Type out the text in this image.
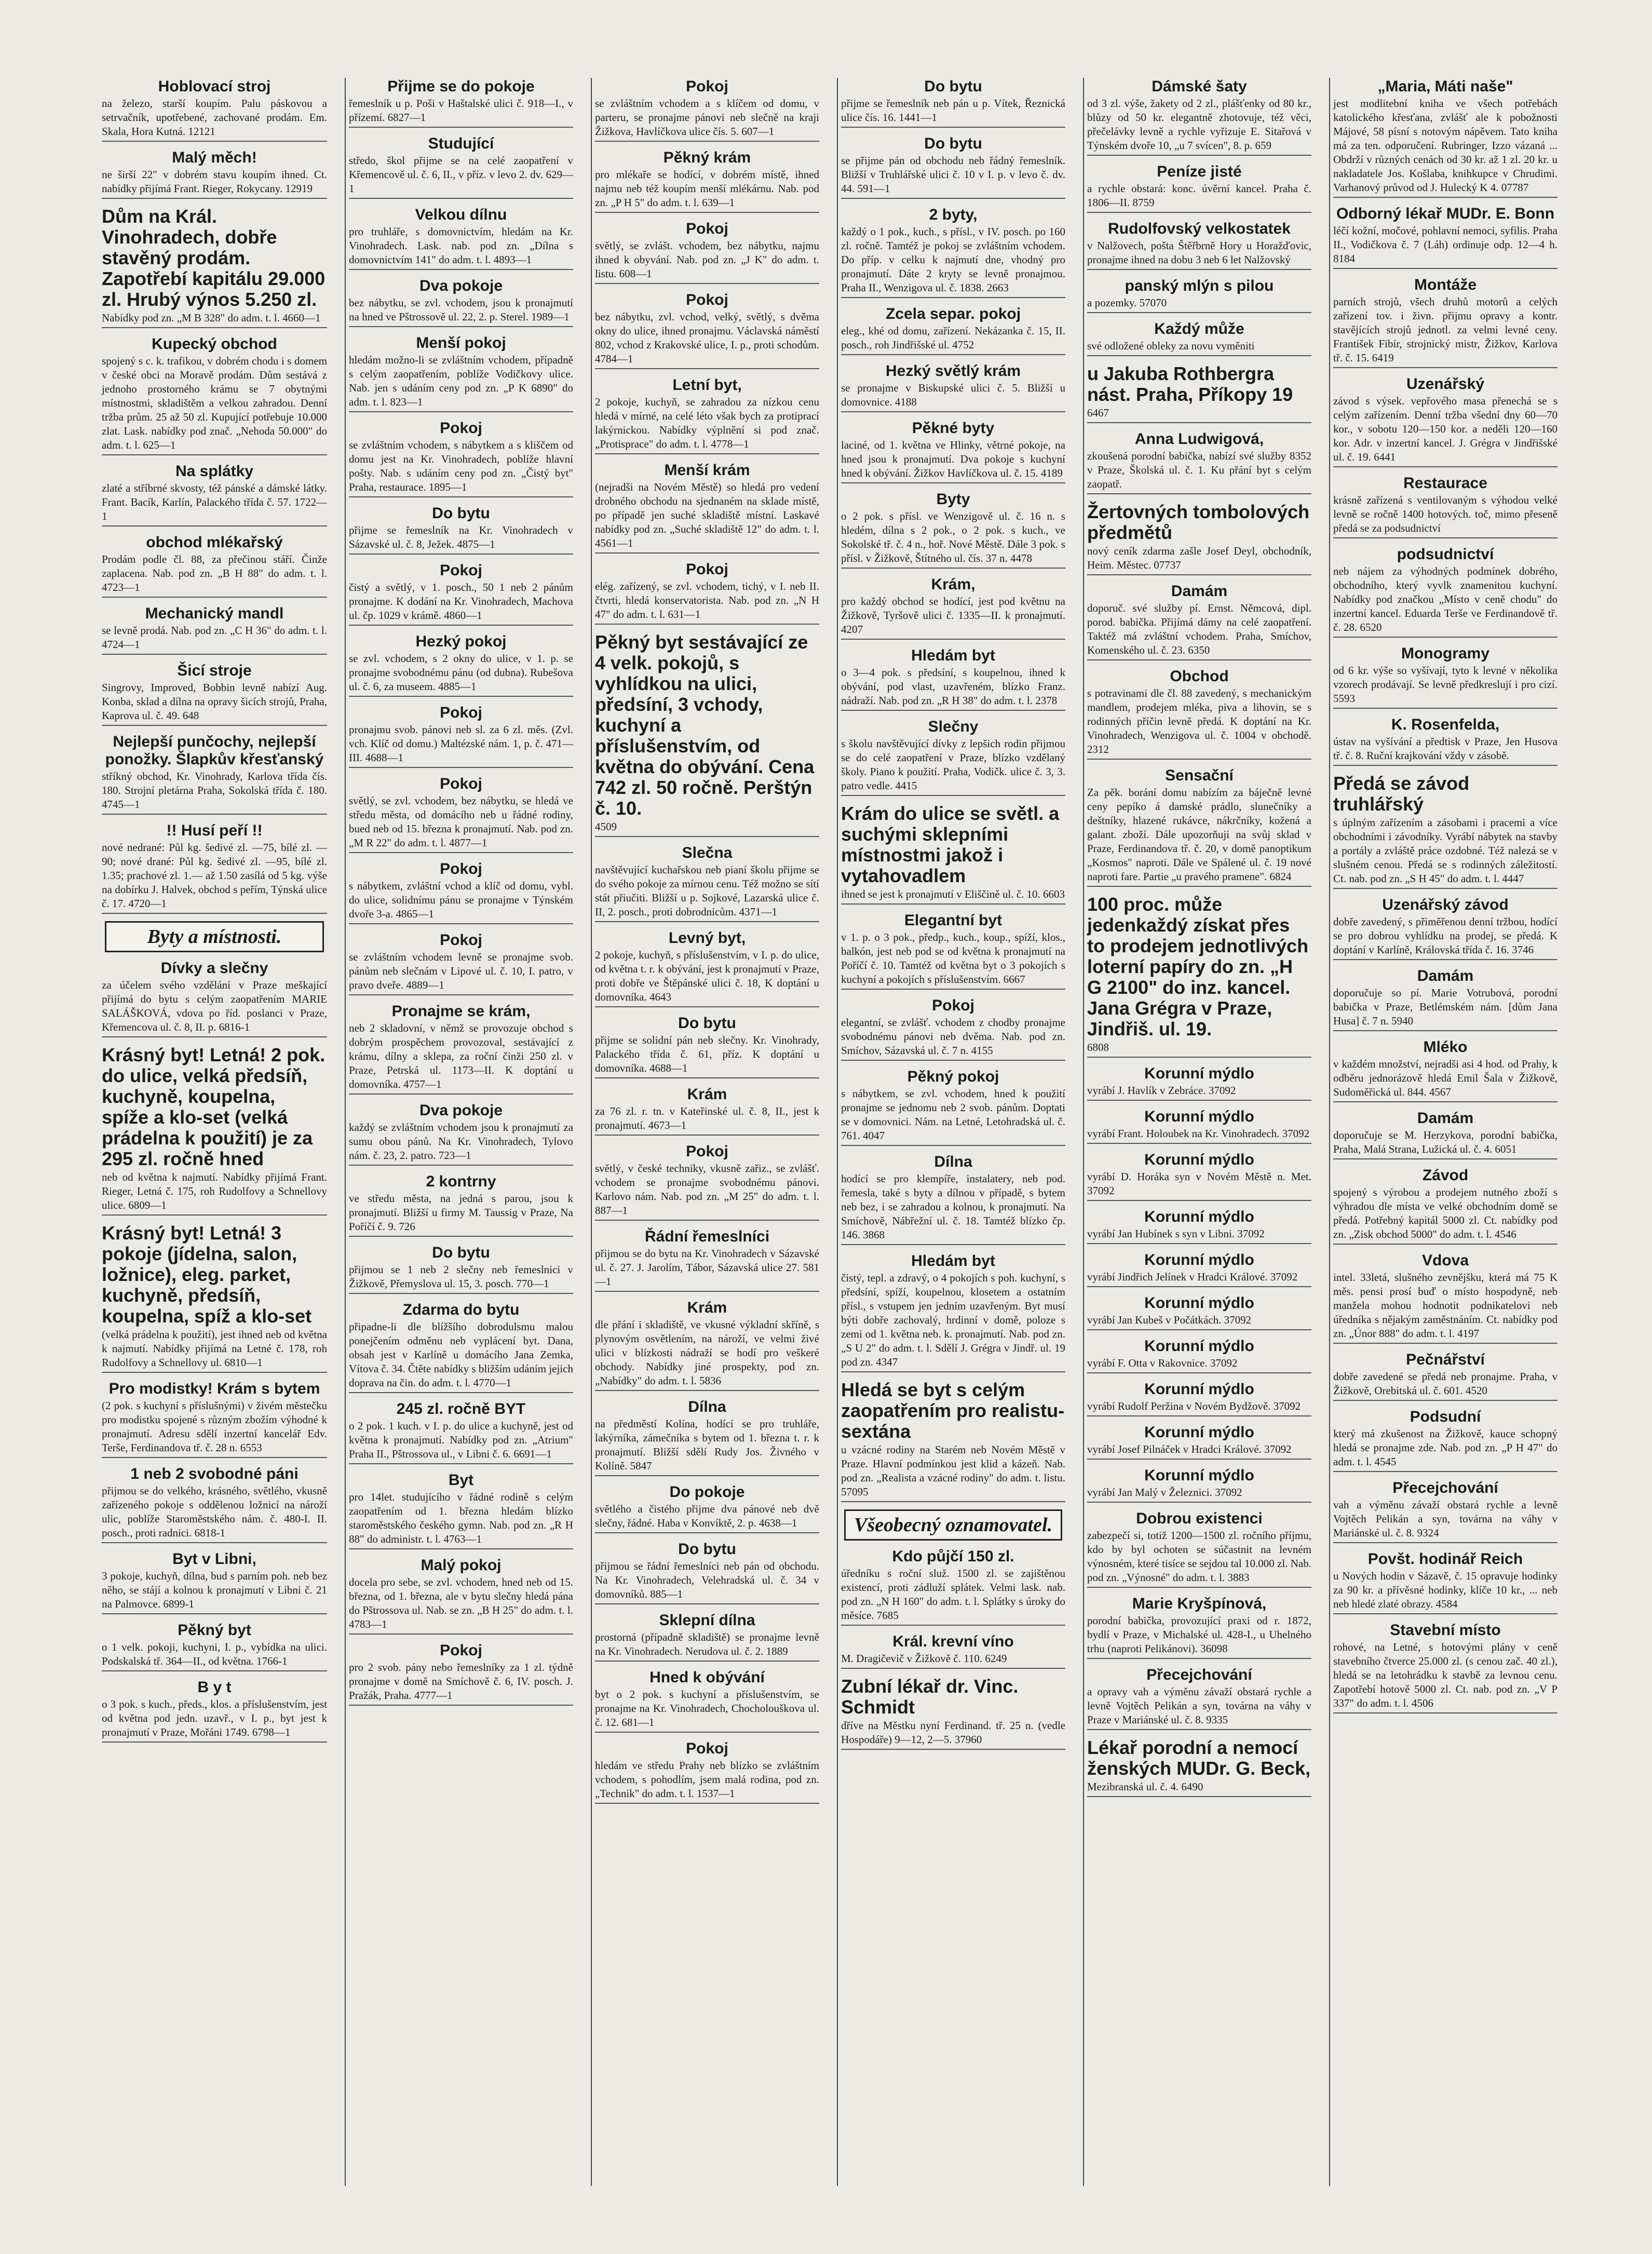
Hoblovací stroj

na železo, starší koupím. Palu páskovou a setrvačník, upotřebené, zachované prodám. Em. Skala, Hora Kutná. 12121

Malý měch!

ne širší 22" v dobrém stavu koupím ihned. Ct. nabídky přijímá Frant. Rieger, Rokycany. 12919

Dům na Král. Vinohradech, dobře stavěný prodám. Zapotřebí kapitálu 29.000 zl. Hrubý výnos 5.250 zl.

Nabídky pod zn. „M B 328" do adm. t. l. 4660—1

Kupecký obchod

spojený s c. k. trafikou, v dobrém chodu i s domem v české obci na Moravě prodám. Dům sestává z jednoho prostorného krámu se 7 obytnými místnostmi, skladištěm a velkou zahradou. Denní tržba prům. 25 až 50 zl. Kupující potřebuje 10.000 zlat. Lask. nabídky pod znač. „Nehoda 50.000" do adm. t. l. 625—1

Na splátky

zlaté a stříbrné skvosty, též pánské a dámské látky. Frant. Bacík, Karlín, Palackého třída č. 57. 1722—1

obchod mlékařský

Prodám podle čl. 88, za přečinou stáří. Činže zaplacena. Nab. pod zn. „B H 88" do adm. t. l. 4723—1

Mechanický mandl

se levně prodá. Nab. pod zn. „C H 36" do adm. t. l. 4724—1

Šicí stroje

Singrovy, Improved, Bobbin levně nabízí Aug. Konba, sklad a dílna na opravy šicích strojů, Praha, Kaprova ul. č. 49. 648

Nejlepší punčochy, nejlepší ponožky. Šlapkův křesťanský

stříkný obchod, Kr. Vinohrady, Karlova třída čís. 180. Strojní pletárna Praha, Sokolská třída č. 180. 4745—1

!! Husí peří !!

nové nedrané: Půl kg. šedivé zl. —75, bílé zl. —90; nové drané: Půl kg. šedivé zl. —95, bílé zl. 1.35; prachové zl. 1.— až 1.50 zasílá od 5 kg. výše na dobírku J. Halvek, obchod s peřím, Týnská ulice č. 17. 4720—1

Byty a místnosti.
Dívky a slečny

za účelem svého vzdělání v Praze meškající přijímá do bytu s celým zaopatřením MARIE SALÁŠKOVÁ, vdova po říd. poslanci v Praze, Křemencova ul. č. 8, II. p. 6816-1

Krásný byt! Letná! 2 pok. do ulice, velká předsíň, kuchyně, koupelna, spíže a klo-set (velká prádelna k použití) je za 295 zl. ročně hned

neb od května k najmutí. Nabídky přijímá Frant. Rieger, Letná č. 175, roh Rudolfovy a Schnellovy ulice. 6809—1

Krásný byt! Letná! 3 pokoje (jídelna, salon, ložnice), eleg. parket, kuchyně, předsíň, koupelna, spíž a klo-set

(velká prádelna k použití), jest ihned neb od května k najmutí. Nabídky přijímá na Letné č. 178, roh Rudolfovy a Schnellovy ul. 6810—1

Pro modistky! Krám s bytem

(2 pok. s kuchyní s příslušnými) v živém městečku pro modistku spojené s různým zbožím výhodné k pronajmutí. Adresu sdělí inzertní kancelář Edv. Terše, Ferdinandova tř. č. 28 n. 6553

1 neb 2 svobodné páni

přijmou se do velkého, krásného, světlého, vkusně zařízeného pokoje s oddělenou ložnicí na nároží ulic, poblíže Staroměstského nám. č. 480-I. II. posch., proti radnici. 6818-1

Byt v Libni,

3 pokoje, kuchyň, dílna, bud s parním poh. neb bez něho, se stájí a kolnou k pronajmutí v Libni č. 21 na Palmovce. 6899-1

Pěkný byt

o 1 velk. pokoji, kuchyni, I. p., vybídka na ulici. Podskalská tř. 364—II., od května. 1766-1

B y t

o 3 pok. s kuch., předs., klos. a příslušenstvím, jest od května pod jedn. uzavř., v I. p., byt jest k pronajmutí v Praze, Mořáni 1749. 6798—1

Přijme se do pokoje

řemeslník u p. Poši v Haštalské ulici č. 918—I., v přízemí. 6827—1

Studující

středo, škol přijme se na celé zaopatření v Křemencově ul. č. 6, II., v příz. v levo 2. dv. 629—1

Velkou dílnu

pro truhláře, s domovnictvím, hledám na Kr. Vinohradech. Lask. nab. pod zn. „Dílna s domovnictvím 141" do adm. t. l. 4893—1

Dva pokoje

bez nábytku, se zvl. vchodem, jsou k pronajmutí na hned ve Pštrossově ul. 22, 2. p. Sterel. 1989—1

Menší pokoj

hledám možno-li se zvláštním vchodem, případně s celým zaopatřením, poblíže Vodičkovy ulice. Nab. jen s udáním ceny pod zn. „P K 6890" do adm. t. l. 823—1

Pokoj

se zvláštním vchodem, s nábytkem a s kliščem od domu jest na Kr. Vinohradech, poblíže hlavní pošty. Nab. s udáním ceny pod zn. „Čistý byt" Praha, restaurace. 1895—1

Do bytu

přijme se řemeslník na Kr. Vinohradech v Sázavské ul. č. 8, Ježek. 4875—1

Pokoj

čistý a světlý, v 1. posch., 50 1 neb 2 pánům pronajme. K dodání na Kr. Vinohradech, Machova ul. čp. 1029 v krámě. 4860—1

Hezký pokoj

se zvl. vchodem, s 2 okny do ulice, v 1. p. se pronajme svobodnému pánu (od dubna). Rubešova ul. č. 6, za museem. 4885—1

Pokoj

pronajmu svob. pánovi neb sl. za 6 zl. měs. (Zvl. vch. Klíč od domu.) Maltézské nám. 1, p. č. 471—III. 4688—1

Pokoj

světlý, se zvl. vchodem, bez nábytku, se hledá ve středu města, od domácího neb u řádné rodiny, bued neb od 15. března k pronajmutí. Nab. pod zn. „M R 22" do adm. t. l. 4877—1

Pokoj

s nábytkem, zvláštní vchod a klíč od domu, vybl. do ulice, solidnímu pánu se pronajme v Týnském dvoře 3-a. 4865—1

Pokoj

se zvláštním vchodem levně se pronajme svob. pánům neb slečnám v Lipové ul. č. 10, I. patro, v pravo dveře. 4889—1

Pronajme se krám,

neb 2 skladovní, v němž se provozuje obchod s dobrým prospěchem provozoval, sestávající z krámu, dílny a sklepa, za roční činži 250 zl. v Praze, Petrská ul. 1173—II. K doptání u domovníka. 4757—1

Dva pokoje

každý se zvláštním vchodem jsou k pronajmutí za sumu obou pánů. Na Kr. Vinohradech, Tylovo nám. č. 23, 2. patro. 723—1

2 kontrny

ve středu města, na jedná s parou, jsou k pronajmutí. Bližší u firmy M. Taussig v Praze, Na Poříčí č. 9. 726

Do bytu

přijmou se 1 neb 2 slečny neb řemeslnici v Žižkově, Přemyslova ul. 15, 3. posch. 770—1

Zdarma do bytu

připadne-li dle blížšího dobrodulsmu malou ponejčením odměnu neb vyplácení byt. Dana, obsah jest v Karlíně u domácího Jana Zemka, Vítova č. 34. Čtěte nabídky s bližším udáním jejich doprava na čin. do adm. t. l. 4770—1

245 zl. ročně BYT

o 2 pok. 1 kuch. v I. p. do ulice a kuchyně, jest od května k pronajmutí. Nabídky pod zn. „Atrium" Praha II., Pštrossova ul., v Libni č. 6. 6691—1

Byt

pro 14let. studujícího v řádné rodině s celým zaopatřením od 1. března hledám blízko staroměstského českého gymn. Nab. pod zn. „R H 88" do administr. t. l. 4763—1

Malý pokoj

docela pro sebe, se zvl. vchodem, hned neb od 15. března, od 1. března, ale v bytu slečny hledá pána do Pštrossova ul. Nab. se zn. „B H 25" do adm. t. l. 4783—1

Pokoj

pro 2 svob. pány nebo řemeslníky za 1 zl. týdně pronajme v domě na Smíchově č. 6, IV. posch. J. Pražák, Praha. 4777—1

Pokoj

se zvláštním vchodem a s klíčem od domu, v parteru, se pronajme pánovi neb slečně na kraji Žižkova, Havlíčkova ulice čís. 5. 607—1

Pěkný krám

pro mlékaře se hodící, v dobrém místě, ihned najmu neb též koupím menší mlékárnu. Nab. pod zn. „P H 5" do adm. t. l. 639—1

Pokoj

světlý, se zvlášt. vchodem, bez nábytku, najmu ihned k obyvání. Nab. pod zn. „J K" do adm. t. listu. 608—1

Pokoj

bez nábytku, zvl. vchod, velký, světlý, s dvěma okny do ulice, ihned pronajmu. Václavská náměstí 802, vchod z Krakovské ulice, I. p., proti schodům. 4784—1

Letní byt,

2 pokoje, kuchyň, se zahradou za nízkou cenu hledá v mírné, na celé léto však bych za protiprací lakýrnickou. Nabídky výplnění si pod znač. „Protisprace" do adm. t. l. 4778—1

Menší krám

(nejradši na Novém Městě) so hledá pro vedení drobného obchodu na sjednaném na sklade místě, po případě jen suché skladiště místní. Laskavé nabídky pod zn. „Suché skladiště 12" do adm. t. l. 4561—1

Pokoj

elég. zařízený, se zvl. vchodem, tichý, v I. neb II. čtvrti, hledá konservatorista. Nab. pod zn. „N H 47" do adm. t. l. 631—1

Pěkný byt sestávající ze 4 velk. pokojů, s vyhlídkou na ulici, předsíní, 3 vchody, kuchyní a příslušenstvím, od května do obývání. Cena 742 zl. 50 ročně. Perštýn č. 10.

4509

Slečna

navštěvující kuchařskou neb pianí školu přijme se do svého pokoje za mírnou cenu. Též možno se sítí stát přiučiti. Bližší u p. Sojkové, Lazarská ulice č. II, 2. posch., proti dobrodnicům. 4371—1

Levný byt,

2 pokoje, kuchyň, s příslušenstvím, v I. p. do ulice, od května t. r. k obývání, jest k pronajmutí v Praze, proti dobře ve Štěpánské ulici č. 18, K doptání u domovníka. 4643

Do bytu

přijme se solidní pán neb slečny. Kr. Vinohrady, Palackého třída č. 61, příz. K doptání u domovníka. 4688—1

Krám

za 76 zl. r. tn. v Kateřinské ul. č. 8, II., jest k pronajmutí. 4673—1

Pokoj

světlý, v české techniky, vkusně zařiz., se zvlášť. vchodem se pronajme svobodnému pánovi. Karlovo nám. Nab. pod zn. „M 25" do adm. t. l. 887—1

Řádní řemeslníci

přijmou se do bytu na Kr. Vinohradech v Sázavské ul. č. 27. J. Jarolím, Tábor, Sázavská ulice 27. 581—1

Krám

dle přání i skladiště, ve vkusné výkladní skříně, s plynovým osvětlením, na nároží, ve velmi živé ulici v blízkosti nádraží se hodí pro veškeré obchody. Nabídky jiné prospekty, pod zn. „Nabídky" do adm. t. l. 5836

Dílna

na předměstí Kolína, hodící se pro truhláře, lakýrníka, zámečníka s bytem od 1. března t. r. k pronajmutí. Bližší sdělí Rudy Jos. Živného v Kolíně. 5847

Do pokoje

světlého a čistého přijme dva pánové neb dvě slečny, řádné. Haba v Konvíktě, 2. p. 4638—1

Do bytu

přijmou se řádní řemeslníci neb pán od obchodu. Na Kr. Vinohradech, Velehradská ul. č. 34 v domovníků. 885—1

Sklepní dílna

prostorná (případně skladiště) se pronajme levně na Kr. Vinohradech. Nerudova ul. č. 2. 1889

Hned k obývání

byt o 2 pok. s kuchyní a příslušenstvím, se pronajme na Kr. Vinohradech, Chocholouškova ul. č. 12. 681—1

Pokoj

hledám ve středu Prahy neb blízko se zvláštním vchodem, s pohodlím, jsem malá rodina, pod zn. „Technik" do adm. t. l. 1537—1

Do bytu

přijme se řemeslník neb pán u p. Vítek, Řeznická ulice čís. 16. 1441—1

Do bytu

se přijme pán od obchodu neb řádný řemeslník. Bližší v Truhlářské ulici č. 10 v I. p. v levo č. dv. 44. 591—1

2 byty,

každý o 1 pok., kuch., s přísl., v IV. posch. po 160 zl. ročně. Tamtéž je pokoj se zvláštním vchodem. Do příp. v celku k najmutí dne, vhodný pro pronajmutí. Dáte 2 kryty se levně pronajmou. Praha II., Wenzigova ul. č. 1838. 2663

Zcela separ. pokoj

eleg., khé od domu, zařízení. Nekázanka č. 15, II. posch., roh Jindřišské ul. 4752

Hezký světlý krám

se pronajme v Biskupské ulici č. 5. Bližší u domovnice. 4188

Pěkné byty

laciné, od 1. května ve Hlinky, větrné pokoje, na hned jsou k pronajmutí. Dva pokoje s kuchyní hned k obývání. Žižkov Havlíčkova ul. č. 15. 4189

Byty

o 2 pok. s přísl. ve Wenzigově ul. č. 16 n. s hledém, dílna s 2 pok., o 2 pok. s kuch., ve Sokolské tř. č. 4 n., hoř. Nové Městě. Dále 3 pok. s přísl. v Žižkově, Štítného ul. čís. 37 n. 4478

Krám,

pro každý obchod se hodící, jest pod květnu na Žižkově, Tyršově ulici č. 1335—II. k pronajmutí. 4207

Hledám byt

o 3—4 pok. s předsíní, s koupelnou, ihned k obývání, pod vlast, uzavřeném, blízko Franz. nádraží. Nab. pod zn. „R H 38" do adm. t. l. 2378

Slečny

s školu navštěvující dívky z lepšich rodin přijmou se do celé zaopatření v Praze, blízko vzdělaný školy. Piano k použití. Praha, Vodičk. ulice č. 3, 3. patro vedle. 4415

Krám do ulice se světl. a suchými sklepními místnostmi jakož i vytahovadlem

ihned se jest k pronajmutí v Eliščině ul. č. 10. 6603

Elegantní byt

v 1. p. o 3 pok., předp., kuch., koup., spíží, klos., balkón, jest neb pod se od května k pronajmutí na Poříčí č. 10. Tamtéž od května byt o 3 pokojích s kuchyní a pokojích s příslušenstvím. 6667

Pokoj

elegantní, se zvlášť. vchodem z chodby pronajme svobodnému pánovi neb dvěma. Nab. pod zn. Smíchov, Sázavská ul. č. 7 n. 4155

Pěkný pokoj

s nábytkem, se zvl. vchodem, hned k použití pronajme se jednomu neb 2 svob. pánům. Doptati se v domovnici. Nám. na Letné, Letohradská ul. č. 761. 4047

Dílna

hodící se pro klempíře, instalatery, neb pod. řemesla, také s byty a dílnou v případě, s bytem neb bez, i se zahradou a kolnou, k pronajmutí. Na Smíchově, Nábřežní ul. č. 18. Tamtéž blízko čp. 146. 3868

Hledám byt

čistý, tepl. a zdravý, o 4 pokojích s poh. kuchyní, s předsíní, spíží, koupelnou, klosetem a ostatním přísl., s vstupem jen jedním uzavřeným. Byt musí býti dobře zachovalý, hrdinní v domě, poloze s zemi od 1. května neb. k. pronajmutí. Nab. pod zn. „S U 2" do adm. t. l. Sdělí J. Grégra v Jindř. ul. 19 pod zn. 4347

Hledá se byt s celým zaopatřením pro realistu-sextána

u vzácné rodiny na Starém neb Novém Městě v Praze. Hlavní podmínkou jest klid a kázeň. Nab. pod zn. „Realista a vzácné rodiny" do adm. t. listu. 57095

Všeobecný oznamovatel.
Kdo půjčí 150 zl.

úředníku s roční služ. 1500 zl. se zajištěnou existencí, proti zádluží splátek. Velmi lask. nab. pod zn. „N H 160" do adm. t. l. Splátky s úroky do měsíce. 7685

Král. krevní víno

M. Dragičevič v Žižkově č. 110. 6249

Zubní lékař dr. Vinc. Schmidt

dříve na Městku nyní Ferdinand. tř. 25 n. (vedle Hospodáře) 9—12, 2—5. 37960

Dámské šaty

od 3 zl. výše, žakety od 2 zl., plášťenky od 80 kr., blůzy od 50 kr. elegantně zhotovuje, též věci, přečelávky levně a rychle vyřizuje E. Sitařová v Týnském dvoře 10, „u 7 svícen", 8. p. 659

Peníze jisté

a rychle obstará: konc. úvěrní kancel. Praha č. 1806—II. 8759

Rudolfovský velkostatek

v Nalžovech, pošta Štěřbrně Hory u Horažďovic, pronajme ihned na dobu 3 neb 6 let Nalžovský

panský mlýn s pilou

a pozemky. 57070

Každý může

své odložené obleky za novu vyměniti

u Jakuba Rothbergra nást. Praha, Příkopy 19

6467

Anna Ludwigová,

zkoušená porodní babička, nabízí své služby 8352 v Praze, Školská ul. č. 1. Ku přání byt s celým zaopatř.

Žertovných tombolových předmětů

nový ceník zdarma zašle Josef Deyl, obchodník, Heim. Městec. 07737

Damám

doporuč. své služby pí. Ernst. Němcová, dipl. porod. babička. Přijímá dámy na celé zaopatření. Taktéž má zvláštní vchodem. Praha, Smíchov, Komenského ul. č. 23. 6350

Obchod

s potravinami dle čl. 88 zavedený, s mechanickým mandlem, prodejem mléka, piva a lihovin, se s rodinných příčin levně předá. K doptání na Kr. Vinohradech, Wenzigova ul. č. 1004 v obchodě. 2312

Sensační

Za pěk. borání domu nabízím za báječně levné ceny pepíko á damské prádlo, slunečníky a deštníky, hlazené rukávce, nákrčníky, kožená a galant. zboží. Dále upozorňuji na svůj sklad v Praze, Ferdinandova tř. č. 20, v domě panoptikum „Kosmos" naproti. Dále ve Spálené ul. č. 19 nové naproti fare. Partie „u pravého pramene". 6824

100 proc. může jedenkaždý získat přes to prodejem jednotlivých loterní papíry do zn. „H G 2100" do inz. kancel. Jana Grégra v Praze, Jindřiš. ul. 19.

6808

Korunní mýdlo

vyrábí J. Havlík v Zebráce. 37092

Korunní mýdlo

vyrábí Frant. Holoubek na Kr. Vinohradech. 37092

Korunní mýdlo

vyrábí D. Horáka syn v Novém Městě n. Met. 37092

Korunní mýdlo

vyrábí Jan Hubínek s syn v Libni. 37092

Korunní mýdlo

vyrábí Jindřich Jelínek v Hradci Králové. 37092

Korunní mýdlo

vyrábí Jan Kubeš v Počátkách. 37092

Korunní mýdlo

vyrábí F. Otta v Rakovnice. 37092

Korunní mýdlo

vyrábí Rudolf Peržina v Novém Bydžově. 37092

Korunní mýdlo

vyrábí Josef Pilnáček v Hradci Králové. 37092

Korunní mýdlo

vyrábí Jan Malý v Železnici. 37092

Dobrou existenci

zabezpečí si, totiž 1200—1500 zl. ročního příjmu, kdo by byl ochoten se súčastnit na levném výnosném, které tisíce se sejdou tal 10.000 zl. Nab. pod zn. „Výnosné" do adm. t. l. 3883

Marie Kryšpínová,

porodní babička, provozující praxi od r. 1872, bydlí v Praze, v Michalské ul. 428-I., u Uhelného trhu (naproti Pelikánovi). 36098

Přecejchování

a opravy vah a výměnu závaží obstará rychle a levně Vojtěch Pelikán a syn, továrna na váhy v Praze v Mariánské ul. č. 8. 9335

Lékař porodní a nemocí ženských MUDr. G. Beck,

Mezibranská ul. č. 4. 6490

„Maria, Máti naše"

jest modlitební kniha ve všech potřebách katolického křesťana, zvlášť ale k pobožnosti Májové, 58 písní s notovým nápěvem. Tato kniha má za ten. odporučení. Rubringer, Izzo vázaná ... Obdrží v různých cenách od 30 kr. až 1 zl. 20 kr. u nakladatele Jos. Košlaba, knihkupce v Chrudimi. Varhanový průvod od J. Hulecký K 4. 07787

Odborný lékař MUDr. E. Bonn

léčí kožní, močové, pohlavní nemoci, syfilis. Praha II., Vodičkova č. 7 (Láh) ordinuje odp. 12—4 h. 8184

Montáže

parních strojů, všech druhů motorů a celých zařízení tov. i živn. přijmu opravy a kontr. stavějících strojů jednotl. za velmi levné ceny. František Fibír, strojnický mistr, Žižkov, Karlova tř. č. 15. 6419

Uzenářský

závod s výsek. vepřového masa přenechá se s celým zařízením. Denní tržba všední dny 60—70 kor., v sobotu 120—150 kor. a neděli 120—160 kor. Adr. v inzertní kancel. J. Grégra v Jindřišské ul. č. 19. 6441

Restaurace

krásně zařízená s ventilovaným s výhodou velké levně se ročně 1400 hotových. toč, mimo přeseně předá se za podsudnictví

podsudnictví

neb nájem za výhodných podmínek dobrého, obchodního, který vyvlk znamenitou kuchyní. Nabídky pod značkou „Místo v ceně chodu" do inzertní kancel. Eduarda Terše ve Ferdinandově tř. č. 28. 6520

Monogramy

od 6 kr. výše so vyšívají, tyto k levné v několika vzorech prodávají. Se levně předkreslují i pro cizí. 5593

K. Rosenfelda,

ústav na vyšívání a předtisk v Praze, Jen Husova tř. č. 8. Ruční krajkování vždy v zásobě.

Předá se závod truhlářský

s úplným zařízením a zásobami i pracemi a více obchodními i závodníky. Vyrábí nábytek na stavby a portály a zvláště práce ozdobné. Též nalezá se v slušném cenou. Předá se s rodinných záležitostí. Ct. nab. pod zn. „S H 45" do adm. t. l. 4447

Uzenářský závod

dobře zavedený, s přiměřenou denní tržbou, hodící se pro dobrou vyhlídku na prodej, se předá. K doptání v Karlíně, Královská třída č. 16. 3746

Damám

doporučuje so pí. Marie Votrubová, porodní babička v Praze, Betlémském nám. [dům Jana Husa] č. 7 n. 5940

Mléko

v každém množství, nejradši asi 4 hod. od Prahy, k odběru jednorázově hledá Emil Šala v Žižkově, Sudoměřická ul. 844. 4567

Damám

doporučuje se M. Herzykova, porodní babička, Praha, Malá Strana, Lužická ul. č. 4. 6051

Závod

spojený s výrobou a prodejem nutného zboží s výhradou dle místa ve velké obchodním domě se předá. Potřebný kapitál 5000 zl. Ct. nabídky pod zn. „Zisk obchod 5000" do adm. t. l. 4546

Vdova

intel. 33letá, slušného zevnějšku, která má 75 K měs. pensi prosí buď o místo hospodyně, neb manžela mohou hodnotit podnikatelovi neb úředníka s nějakým zaměstnáním. Ct. nabídky pod zn. „Únor 888" do adm. t. l. 4197

Pečnářství

dobře zavedené se předá neb pronajme. Praha, v Žižkově, Orebitská ul. č. 601. 4520

Podsudní

který má zkušenost na Žižkově, kauce schopný hledá se pronajme zde. Nab. pod zn. „P H 47" do adm. t. l. 4545

Přecejchování

vah a výměnu závaží obstará rychle a levně Vojtěch Pelikán a syn, továrna na váhy v Mariánské ul. č. 8. 9324

Povšt. hodinář Reich

u Nových hodin v Sázavě, č. 15 opravuje hodinky za 90 kr. a přívěsné hodinky, klíče 10 kr., ... neb neb hledé zlaté obrazy. 4584

Stavební místo

rohové, na Letné, s hotovými plány v ceně stavebního čtverce 25.000 zl. (s cenou zač. 40 zl.), hledá se na letohrádku k stavbě za levnou cenu. Zapotřebí hotově 5000 zl. Ct. nab. pod zn. „V P 337" do adm. t. l. 4506
